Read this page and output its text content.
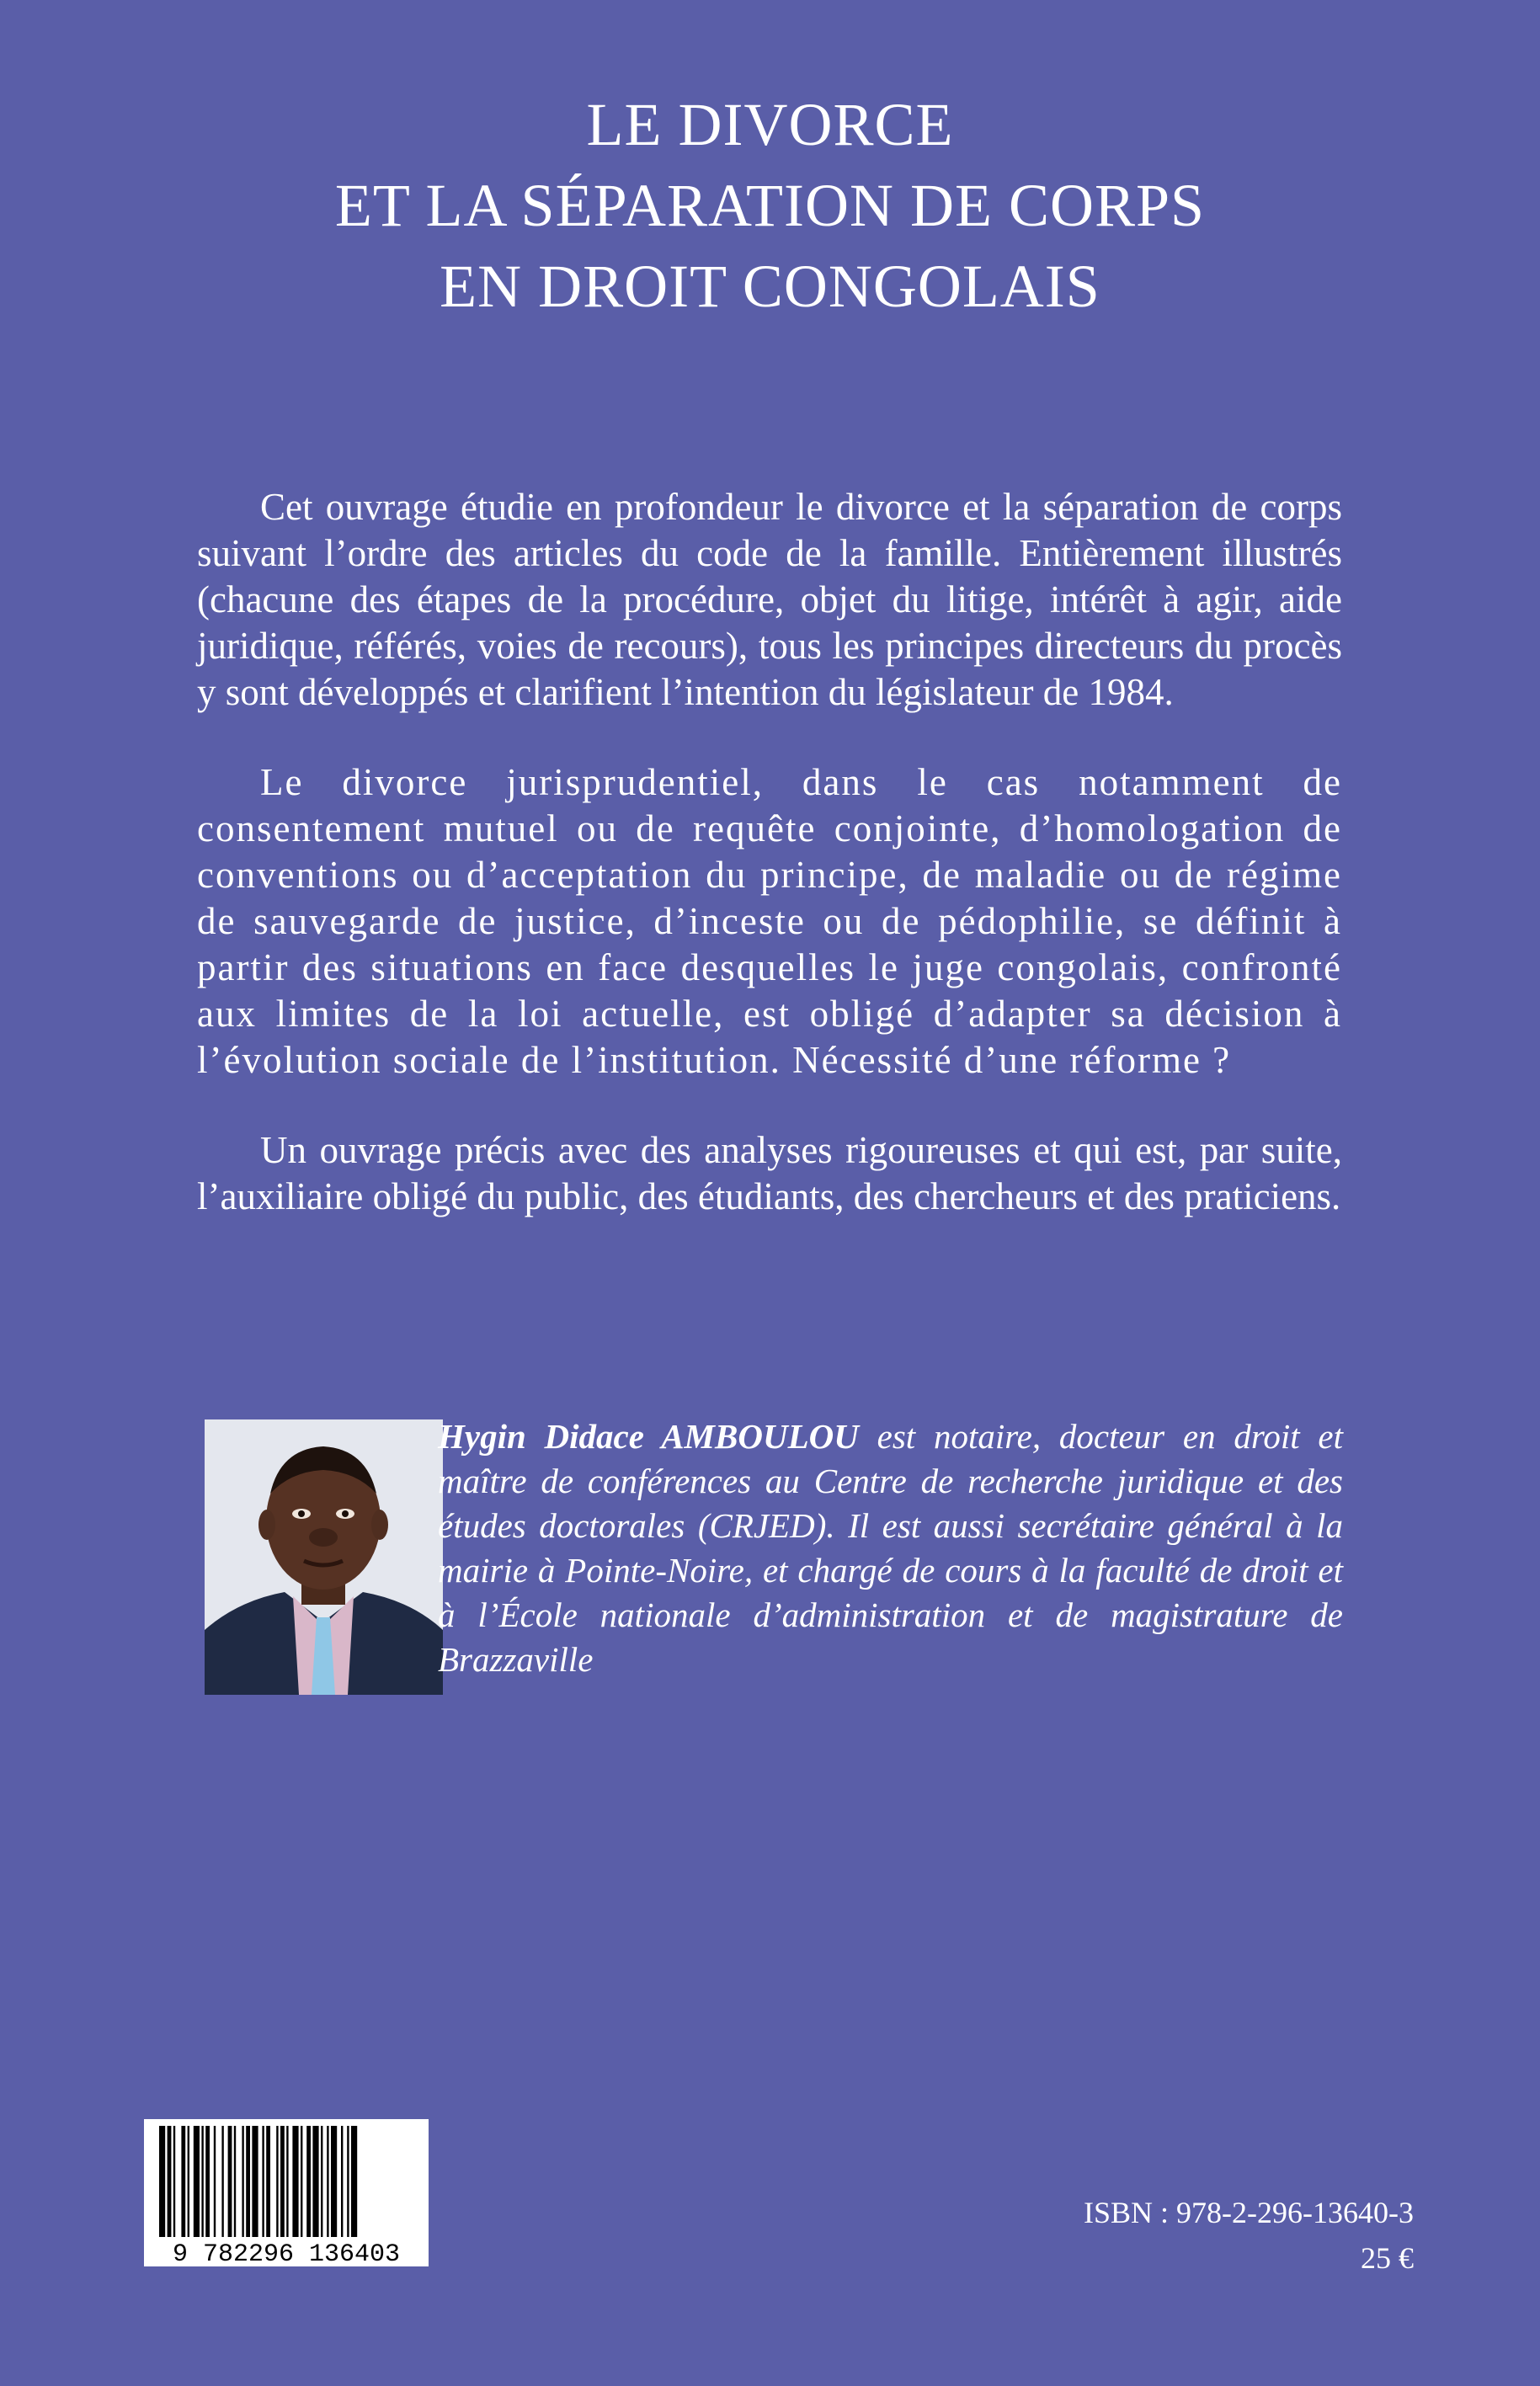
LE DIVORCE
ET LA SÉPARATION DE CORPS
EN DROIT CONGOLAIS

Cet ouvrage étudie en profondeur le divorce et la séparation de corps suivant l’ordre des articles du code de la famille. Entièrement illustrés (chacune des étapes de la procédure, objet du litige, intérêt à agir, aide juridique, référés, voies de recours), tous les principes directeurs du procès y sont développés et clarifient l’intention du législateur de 1984.

Le divorce jurisprudentiel, dans le cas notamment de consentement mutuel ou de requête conjointe, d’homologation de conventions ou d’acceptation du principe, de maladie ou de régime de sauvegarde de justice, d’inceste ou de pédophilie, se définit à partir des situations en face desquelles le juge congolais, confronté aux limites de la loi actuelle, est obligé d’adapter sa décision à l’évolution sociale de l’institution. Nécessité d’une réforme ?

Un ouvrage précis avec des analyses rigoureuses et qui est, par suite, l’auxiliaire obligé du public, des étudiants, des chercheurs et des praticiens.

Hygin Didace AMBOULOU est notaire, docteur en droit et maître de conférences au Centre de recherche juridique et des études doctorales (CRJED). Il est aussi secrétaire général à la mairie à Pointe-Noire, et chargé de cours à la faculté de droit et à l’École nationale d’administration et de magistrature de Brazzaville

9 782296 136403
ISBN : 978-2-296-13640-3
25 €
